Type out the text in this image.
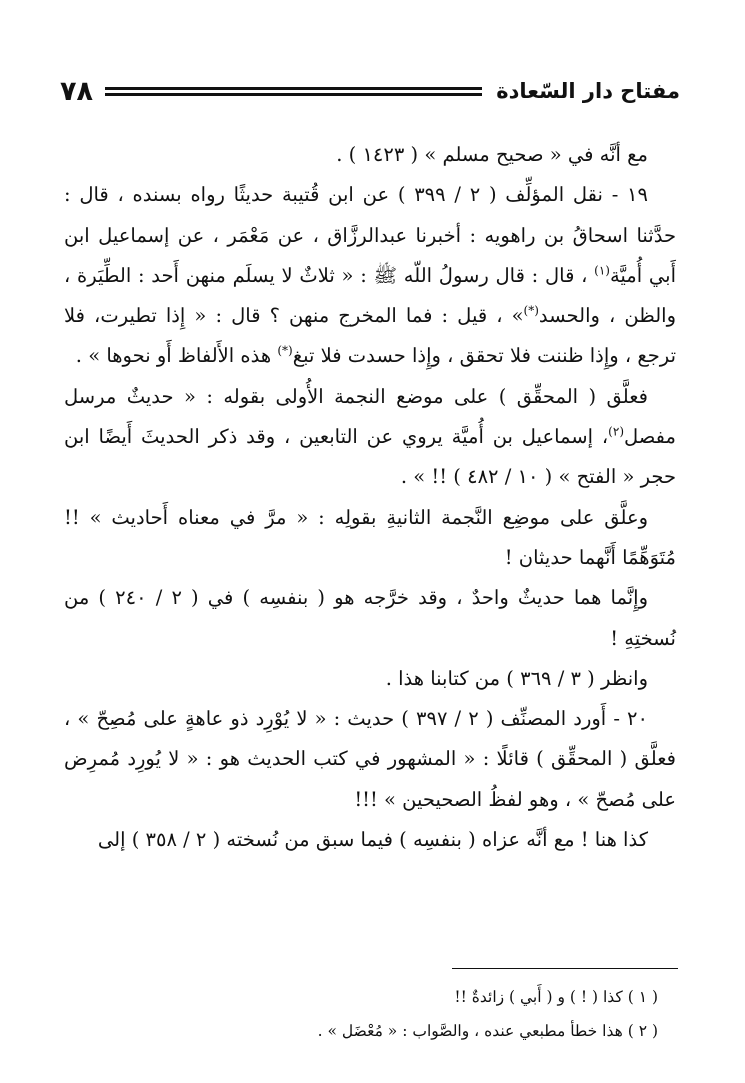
٧٨	مفتاح دار السّعادة

مع أنَّه في « صحيح مسلم » ( ١٤٢٣ ) .

١٩ - نقل المؤلِّف ( ٢ / ٣٩٩ ) عن ابن قُتيبة حديثًا رواه بسنده ، قال : حدَّثنا اسحاقُ بن راهويه : أخبرنا عبدالرزَّاق ، عن مَعْمَر ، عن إسماعيل ابن أَبي أُميَّة$^{(١)}$ ، قال : قال رسولُ اللّه ﷺ : « ثلاثٌ لا يسلَم منهن أَحد : الطِّيَرة ، والظن ، والحسد(*)» ، قيل : فما المخرج منهن ؟ قال : « إِذا تطيرت، فلا ترجع ، وإِذا ظننت فلا تحقق ، وإِذا حسدت فلا تبغ(*) هذه الأَلفاظ أَو نحوها » .

فعلَّق ( المحقِّق ) على موضع النجمة الأُولى بقوله : « حديثٌ مرسل مفصل$^{(٢)}$، إسماعيل بن أُميَّة يروي عن التابعين ، وقد ذكر الحديثَ أَيضًا ابن حجر « الفتح » ( ١٠ / ٤٨٢ ) !! » .

وعلَّق على موضِع النَّجمة الثانيةِ بقولِه : « مرَّ في معناه أَحاديث » !! مُتَوَهِّمًا أَنَّهما حديثان !

وإِنَّما هما حديثٌ واحدٌ ، وقد خرَّجه هو ( بنفسِه ) في ( ٢ / ٢٤٠ ) من نُسختِهِ !

وانظر ( ٣ / ٣٦٩ ) من كتابنا هذا .

٢٠ - أَورد المصنِّف ( ٢ / ٣٩٧ ) حديث : « لا يُوْرِد ذو عاهةٍ على مُصِحّ » ، فعلَّق ( المحقِّق ) قائلًا : « المشهور في كتب الحديث هو : « لا يُورِد مُمرِض على مُصحّ » ، وهو لفظُ الصحيحين » !!!

كذا هنا ! مع أنَّه عزاه ( بنفسِه ) فيما سبق من نُسخته ( ٢ / ٣٥٨ ) إلى

( ١ ) كذا ( ! ) و ( أَبي ) زائدةٌ !!

( ٢ ) هذا خطأ مطبعي عنده ، والصَّواب : « مُعْضَل » .
